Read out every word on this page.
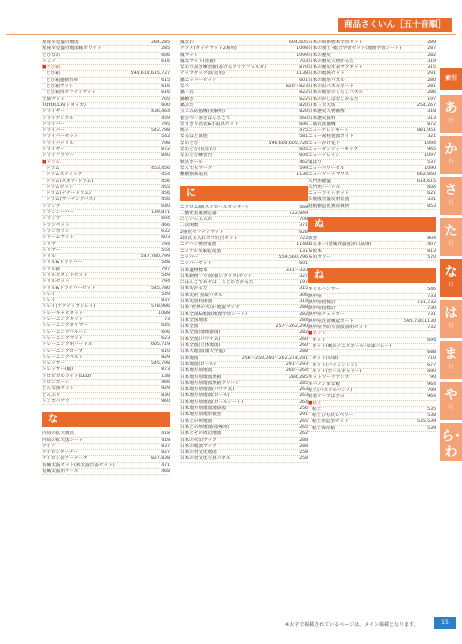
商品さくいん［五十音順］
星座早見盤付地図	284,285
星座早見盤付地図帳ホワイト	285
とびなわ	606
ドミノ	616
■とび箱
とび箱	594,614,615,727
とび箱運動台車	615
とび箱マット	616
とび箱用セフティマット	616
土俵マット	705
TOYOCCA(トヨッカ)	600
ドライヤー	436,464
トライアングル	459
ドライバー	795
ドライバー	542,798
ドライバーセット	542
ドライバドリル	798
ドライヤー	872
ドライフラワー	840
■ドラム
ドラム	453,456
ドラムスティック	454
ドラム(スネア･ドラム)	456
ドラムセット	455
ドラム(テナードラム)	456
ドラム(マーチングバス)	456
トランプ	640
トランシーバー	139,871
トランプ	604
トランペット	466
トランポリン	632
ドリームマット	603
トリマ	794
トリマー	554
ドリル	547,780,799
ドリル&ドライバー	548
ドリル鉄	797
ドリルスタンドセット	549
ドリルセット	794
ドリル&ドライバーセット	545,780
トレイ	549
トレイ	837
トレイ(アクティブトレイ)	578,986
トレーキャビネット	1088
トレーニングキット	73
トレーニングダイマー	645
トレーニングバルーン	606
トレーニングマット	623
トレーニング用ハードル	605,719
トレーニングローブ	610
トレーニングベルト	829
ドレッサー	545,798
トレッサー(幅)	873
トロピカルライト(LED)	138
トロンボーン	466
どんな国セット	929
どんぶり	830
トンボバケツ	960
な
内角の拡大教具	418
内角の拡大図シート	418
ナイフ	837
ナイロンターナー	827
ナイロン袋ケーデータ	827,838
長縄太鼓セット(和太鼓台書セット)	471
長縄太鼓用ケース	468
鳳なわ	604,605
ナツメ(タッチマット2番用)	1098
鳳マット	1099
鳳なマット(普通)	703
なわり書き練習板(書けるクリアフォルダ)	870
ナップザック(防災用)	1138
鍋ニッパーセット	601
なべ	820～823
鍋一式	822
鍋敷き	822
鍋ぶた	820
玉こみ防風機(実験用)	820
並びつ一条きはんびごて	560
なりきり衣装&小道具セット	606
鳴子	475
なるほど貴族	581
なわとび	596,604,605,726
なわとび(長なわ)	605
なわとび練習台	604
軟式ボール	462
なんでもマーク	599
難燃割茶道具	1136
に
ニクロム線(ステロールカッター)	568
二酸化炭素測定器	722,849
にじいろ玉入れ	708
二次関数	371
2重化セフティマット	628
2段式玉入れカゴ紅白セット	722
ニチバン携帯電池	1148
ニッケル水素乾電池	131
ニッパー	559,560,796
ニッパーセット	601
日本遺物標本	331～333
日本動物一寸羽(板レプリカ)セット	327
にほんごであそぼ　ことわざかるた	197
日本史かるた	315
日本史的 鳥取パネル	306
日本史資料掛図	314
日本･世界の火山･地震マップ	288
日本全国&地図(地理学習シート)	282
日本全国地図	284
日本全図	257～262,290
日本全図(地理掛図)	282
日本全図(パウチ式)	260
日本全図(立体地図)	260
日本大地図(頭大学盤)	288
日本地図	256～259,260～262,274,291
日本地図(ロール)	291～293
日本地方別地図	260～264
日本地方別地図黒板	284,285
日本地方別地図黒板グリーン	285
日本地方別地図(パウチ式)	263
日本地方別地図(ロール)	263
日本地方別地図(ロールシート)	264
日本地方別地図地掛図	256
日本地方別地形模型	291
日本との州地図	265
日本との州地図(指導用)	265
日本とその周辺地図	262
日本の火山マップ	288
日本の地図マップ	288
日本の食文化地図	258
日本の食文化写真パネル	258
日本の時系標本学習セット	289
日本の領土･総合学習セット(地理学習シート)	287
日本の歴史	282
日本の歴史人物かるた	319
日本の歴史年表マグネット	315
日本の地域セット	291
日本の地形パズル	280
日本の旧パズルボード	281
日本の地形のくらしパズル	286
日本のかしはなしかるた	197
日本三大大坊	254,267
日本歴史人物画像	318
日本歴史資料	313
二層式洗濯機	872
ニューアレンモート	881,951
ニュー両柱製図ガイド	321
ニューかけ花下	1094
ニューダンディーモップ	965
ニューテレイン	1097
鬼ばり	537
ニューパワーセル	1090
ニューワードマウス	662,660
入門用鍵盤	614,615
入門用ハードル	604
ニューライトネット	621
ル液液音盤反射装置	331
庭植樹造化教育教材	853
ぬ
抜型	804
ぬるまー(金属食器洗浄口試剤)	407
布絵本	813
布用カラー	570
ね
ネイルハンマー	546
熱中症	733
熱中症指数計	731,732
熱中症指標計	730
熱中症チェッカー	731
熱中症注意喚起ボード	595,730,1130
熱中症予防写真版説明セット	732
■ネット
ネット	694
ネット(硬式テニスボール･卓球バレー)
688
ネット(卓球)	710
ネット(バドミントン)	677
ネット(ボールキャリー)	690
ネットワークアンプ	90
ネバノンまな板	964
粘土(パステルバンノ)	799
粘着テープはさみ	964
■粘土
粘土	535
粘土ひも状レベラー	538
粘土用造型セット	535,539
粘土保存箱	539
索引
あ
行
か
行
さ
行
た
行
な
行
は
行
ま
行
や
行
ら･わ
行
※太字で掲載されているページは、メイン掲載となります。	15
